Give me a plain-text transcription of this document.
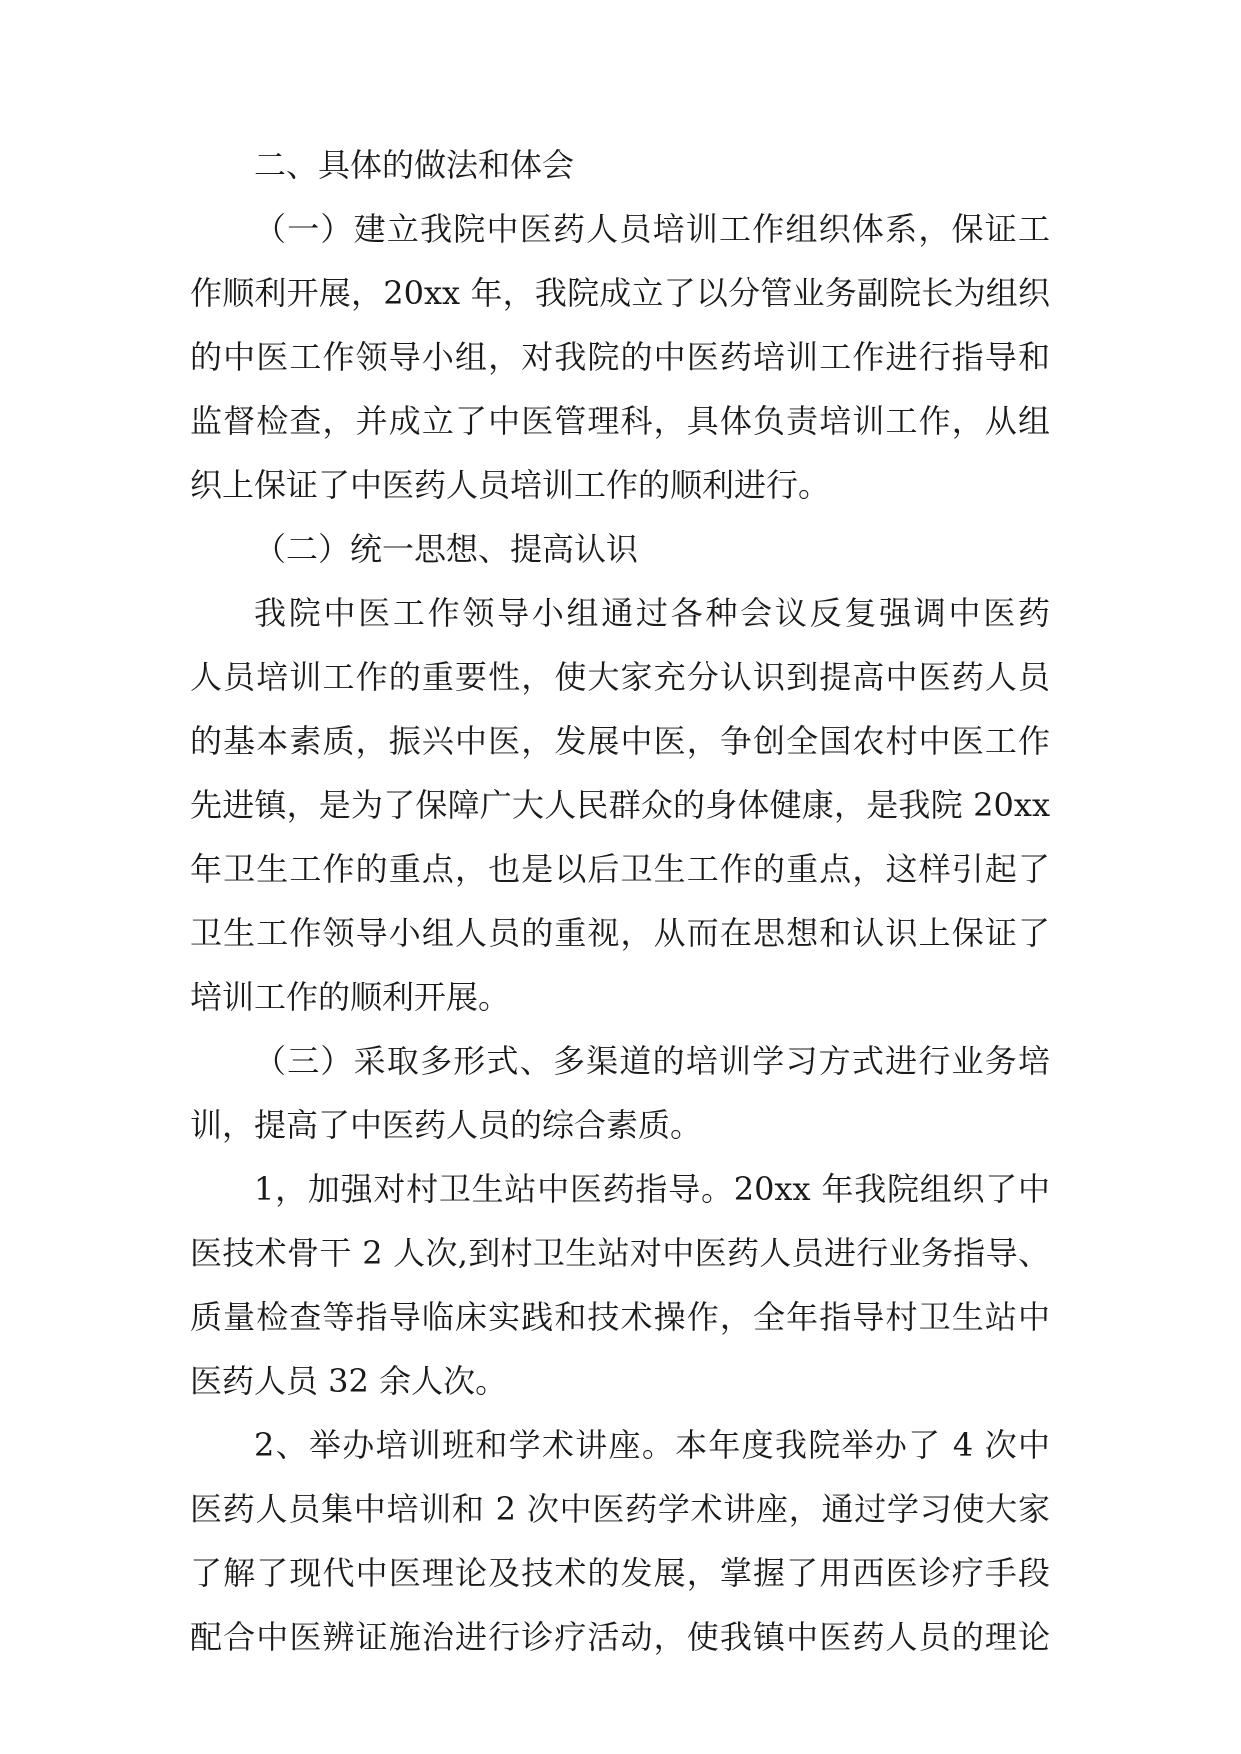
二、具体的做法和体会
（一）建立我院中医药人员培训工作组织体系，保证工
作顺利开展，20xx 年，我院成立了以分管业务副院长为组织
的中医工作领导小组，对我院的中医药培训工作进行指导和
监督检查，并成立了中医管理科，具体负责培训工作，从组
织上保证了中医药人员培训工作的顺利进行。
（二）统一思想、提高认识
我院中医工作领导小组通过各种会议反复强调中医药
人员培训工作的重要性，使大家充分认识到提高中医药人员
的基本素质，振兴中医，发展中医，争创全国农村中医工作
先进镇，是为了保障广大人民群众的身体健康，是我院 20xx
年卫生工作的重点，也是以后卫生工作的重点，这样引起了
卫生工作领导小组人员的重视，从而在思想和认识上保证了
培训工作的顺利开展。
（三）采取多形式、多渠道的培训学习方式进行业务培
训，提高了中医药人员的综合素质。
1，加强对村卫生站中医药指导。20xx 年我院组织了中
医技术骨干 2 人次,到村卫生站对中医药人员进行业务指导、
质量检查等指导临床实践和技术操作，全年指导村卫生站中
医药人员 32 余人次。
2、举办培训班和学术讲座。本年度我院举办了 4 次中
医药人员集中培训和 2 次中医药学术讲座，通过学习使大家
了解了现代中医理论及技术的发展，掌握了用西医诊疗手段
配合中医辨证施治进行诊疗活动，使我镇中医药人员的理论
